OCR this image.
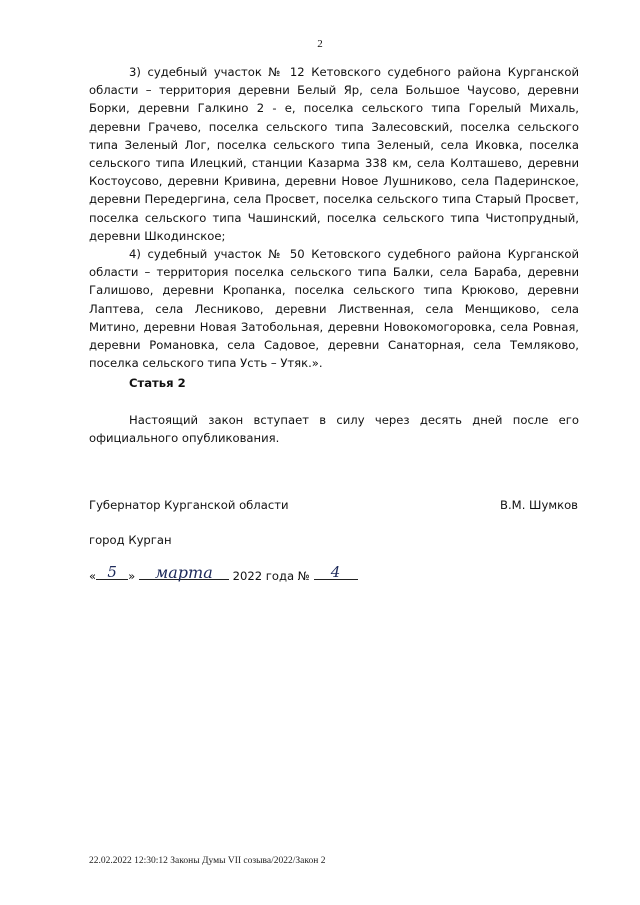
2

3) судебный участок № 12 Кетовского судебного района Курганской области – территория деревни Белый Яр, села Большое Чаусово, деревни Борки, деревни Галкино 2 - е, поселка сельского типа Горелый Михаль, деревни Грачево, поселка сельского типа Залесовский, поселка сельского типа Зеленый Лог, поселка сельского типа Зеленый, села Иковка, поселка сельского типа Илецкий, станции Казарма 338 км, села Колташево, деревни Костоусово, деревни Кривина, деревни Новое Лушниково, села Падеринское, деревни Передергина, села Просвет, поселка сельского типа Старый Просвет, поселка сельского типа Чашинский, поселка сельского типа Чистопрудный, деревни Шкодинское;

4) судебный участок № 50 Кетовского судебного района Курганской области – территория поселка сельского типа Балки, села Бараба, деревни Галишово, деревни Кропанка, поселка сельского типа Крюково, деревни Лаптева, села Лесниково, деревни Лиственная, села Менщиково, села Митино, деревни Новая Затобольная, деревни Новокомогоровка, села Ровная, деревни Романовка, села Садовое, деревни Санаторная, села Темляково, поселка сельского типа Усть – Утяк.».

Статья 2

Настоящий закон вступает в силу через десять дней после его официального опубликования.

Губернатор Курганской области	В.М. Шумков
город Курган
« 5 »	марта	2022 года №	4
22.02.2022 12:30:12 Законы Думы VII созыва/2022/Закон 2
